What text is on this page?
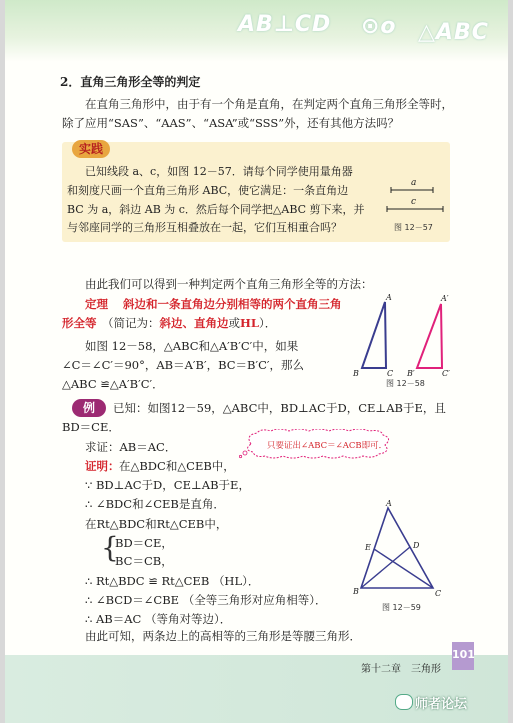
AB⊥CD ⊙o △ABC
2．直角三角形全等的判定
在直角三角形中，由于有一个角是直角，在判定两个直角三角形全等时，
除了应用“SAS”、“AAS”、“ASA”或“SSS”外，还有其他方法吗？
实践
已知线段 a、c，如图 12－57．请每个同学使用量角器
和刻度尺画一个直角三角形 ABC，使它满足：一条直角边
BC 为 a，斜边 AB 为 c．然后每个同学把△ABC 剪下来，并
与邻座同学的三角形互相叠放在一起，它们互相重合吗？
a
c
图 12－57
由此我们可以得到一种判定两个直角三角形全等的方法：
定理 斜边和一条直角边分别相等的两个直角三角
形全等 （简记为：斜边、直角边或HL）．
如图 12－58，△ABC和△A′B′C′中，如果
∠C＝∠C′＝90°，AB＝A′B′，BC＝B′C′，那么
△ABC ≌△A′B′C′．
A
B	C
A′
B′	C′
图 12－58
例	已知：如图12－59，△ABC中，BD⊥AC于D，CE⊥AB于E，且
BD＝CE．
求证：AB＝AC．	只要证出∠ABC＝∠ACB即可．
证明： 在△BDC和△CEB中，
∵ BD⊥AC于D，CE⊥AB于E，
∴ ∠BDC和∠CEB是直角．
在Rt△BDC和Rt△CEB中，
{
BD＝CE，
BC＝CB，
∴ Rt△BDC ≌ Rt△CEB （HL）．
∴ ∠BCD＝∠CBE （全等三角形对应角相等）．
∴ AB＝AC （等角对等边）．
A
B	C
D
E
图 12－59
由此可知，两条边上的高相等的三角形是等腰三角形．
第十二章　三角形
101
师者论坛
